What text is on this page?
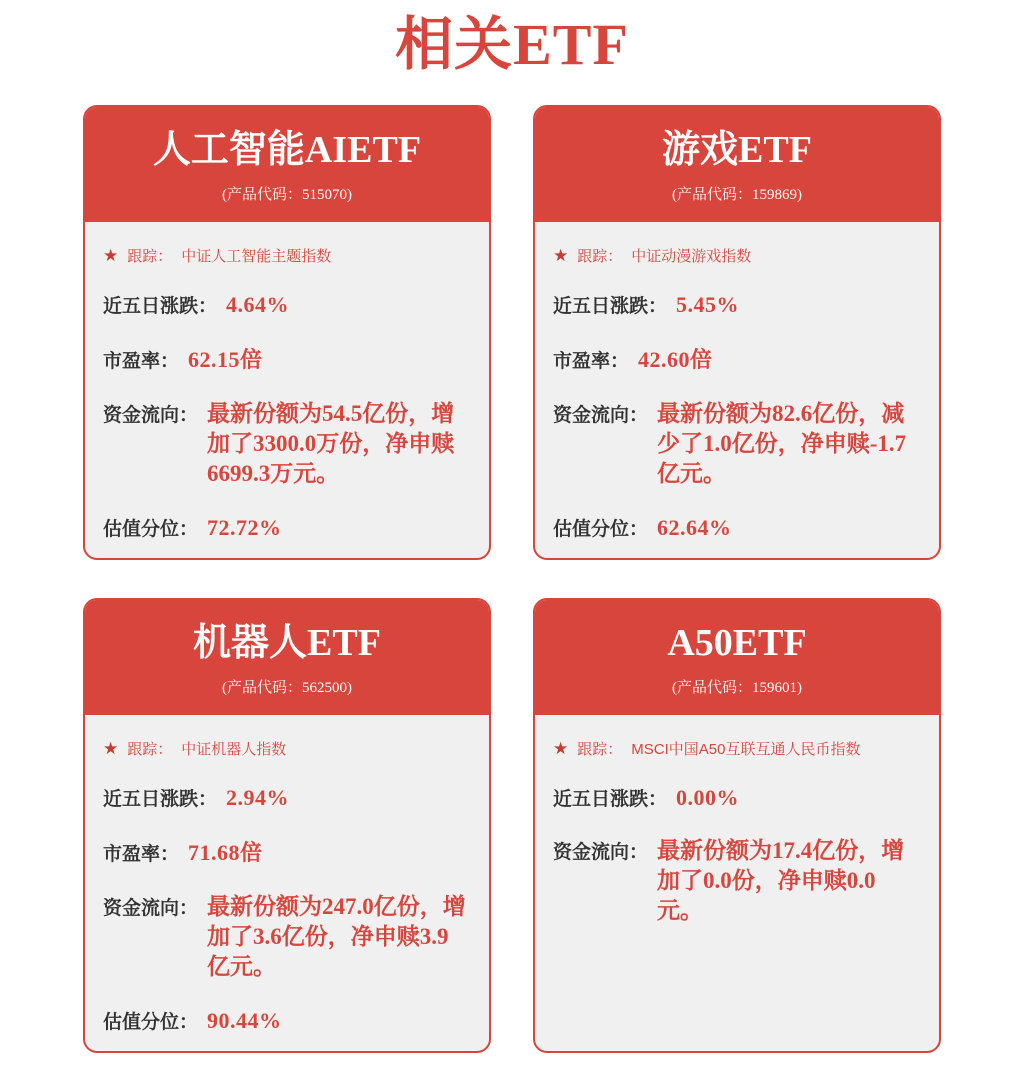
相关ETF
人工智能AIETF
(产品代码：515070)
★ 跟踪： 中证人工智能主题指数
近五日涨跌： 4.64%
市盈率： 62.15倍
资金流向： 最新份额为54.5亿份，增加了3300.0万份，净申赎6699.3万元。
估值分位： 72.72%
游戏ETF
(产品代码：159869)
★ 跟踪： 中证动漫游戏指数
近五日涨跌： 5.45%
市盈率： 42.60倍
资金流向： 最新份额为82.6亿份，减少了1.0亿份，净申赎-1.7亿元。
估值分位： 62.64%
机器人ETF
(产品代码：562500)
★ 跟踪： 中证机器人指数
近五日涨跌： 2.94%
市盈率： 71.68倍
资金流向： 最新份额为247.0亿份，增加了3.6亿份，净申赎3.9亿元。
估值分位： 90.44%
A50ETF
(产品代码：159601)
★ 跟踪： MSCI中国A50互联互通人民币指数
近五日涨跌： 0.00%
资金流向： 最新份额为17.4亿份，增加了0.0份，净申赎0.0元。
